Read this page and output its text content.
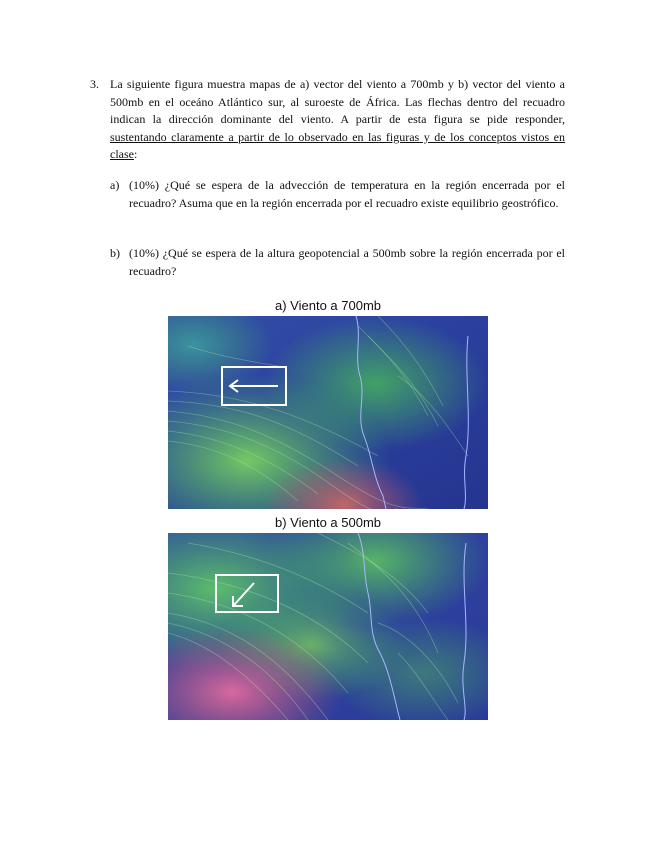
3. La siguiente figura muestra mapas de a) vector del viento a 700mb y b) vector del viento a 500mb en el oceáno Atlántico sur, al suroeste de África. Las flechas dentro del recuadro indican la dirección dominante del viento. A partir de esta figura se pide responder, sustentando claramente a partir de lo observado en las figuras y de los conceptos vistos en clase:
a) (10%) ¿Qué se espera de la advección de temperatura en la región encerrada por el recuadro? Asuma que en la región encerrada por el recuadro existe equilibrio geostrófico.
b) (10%) ¿Qué se espera de la altura geopotencial a 500mb sobre la región encerrada por el recuadro?
a) Viento a 700mb
b) Viento a 500mb
